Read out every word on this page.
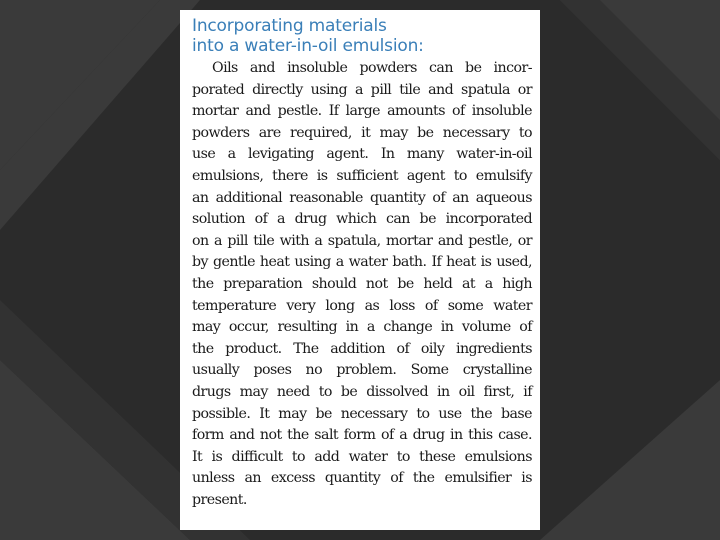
Incorporating materials
into a water-in-oil emulsion:

Oils and insoluble powders can be incor-
porated directly using a pill tile and spatula or
mortar and pestle. If large amounts of insoluble
powders are required, it may be necessary to
use a levigating agent. In many water-in-oil
emulsions, there is sufficient agent to emulsify
an additional reasonable quantity of an aqueous
solution of a drug which can be incorporated
on a pill tile with a spatula, mortar and pestle, or
by gentle heat using a water bath. If heat is used,
the preparation should not be held at a high
temperature very long as loss of some water
may occur, resulting in a change in volume of
the product. The addition of oily ingredients
usually poses no problem. Some crystalline
drugs may need to be dissolved in oil first, if
possible. It may be necessary to use the base
form and not the salt form of a drug in this case.
It is difficult to add water to these emulsions
unless an excess quantity of the emulsifier is
present.
